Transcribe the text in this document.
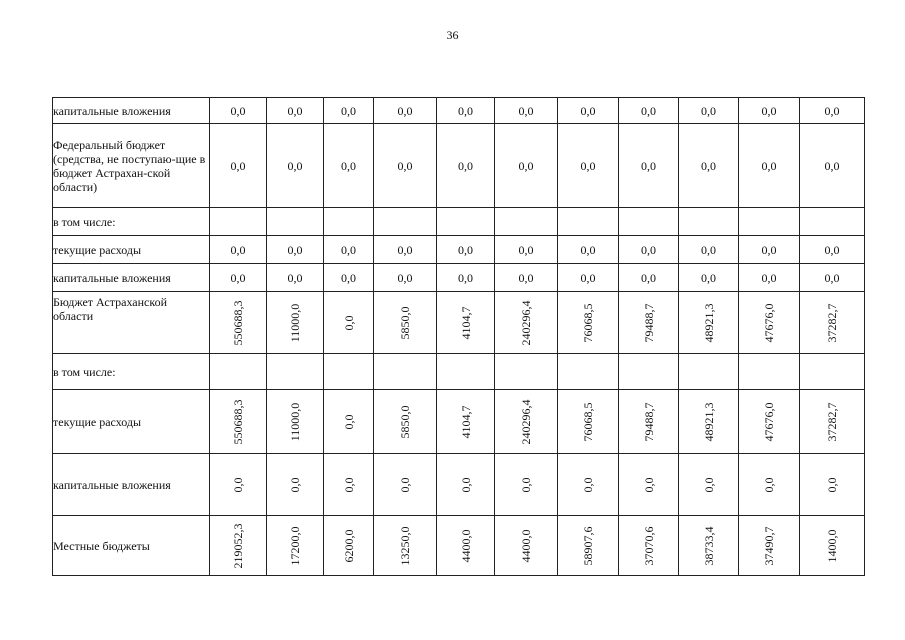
36
капитальные вложения	0,0	0,0	0,0	0,0	0,0	0,0	0,0	0,0	0,0	0,0	0,0
Федеральный бюджет (средства, не поступаю-щие в бюджет Астрахан-ской области)	0,0	0,0	0,0	0,0	0,0	0,0	0,0	0,0	0,0	0,0	0,0
в том числе:											
текущие расходы	0,0	0,0	0,0	0,0	0,0	0,0	0,0	0,0	0,0	0,0	0,0
капитальные вложения	0,0	0,0	0,0	0,0	0,0	0,0	0,0	0,0	0,0	0,0	0,0
Бюджет Астраханской области	550688,3	11000,0	0,0	5850,0	4104,7	240296,4	76068,5	79488,7	48921,3	47676,0	37282,7

в том числе:											
текущие расходы	550688,3	11000,0	0,0	5850,0	4104,7	240296,4	76068,5	79488,7	48921,3	47676,0	37282,7

капитальные вложения	0,0	0,0	0,0	0,0	0,0	0,0	0,0	0,0	0,0	0,0	0,0

Местные бюджеты	219052,3	17200,0	6200,0	13250,0	4400,0	4400,0	58907,6	37070,6	38733,4	37490,7	1400,0
